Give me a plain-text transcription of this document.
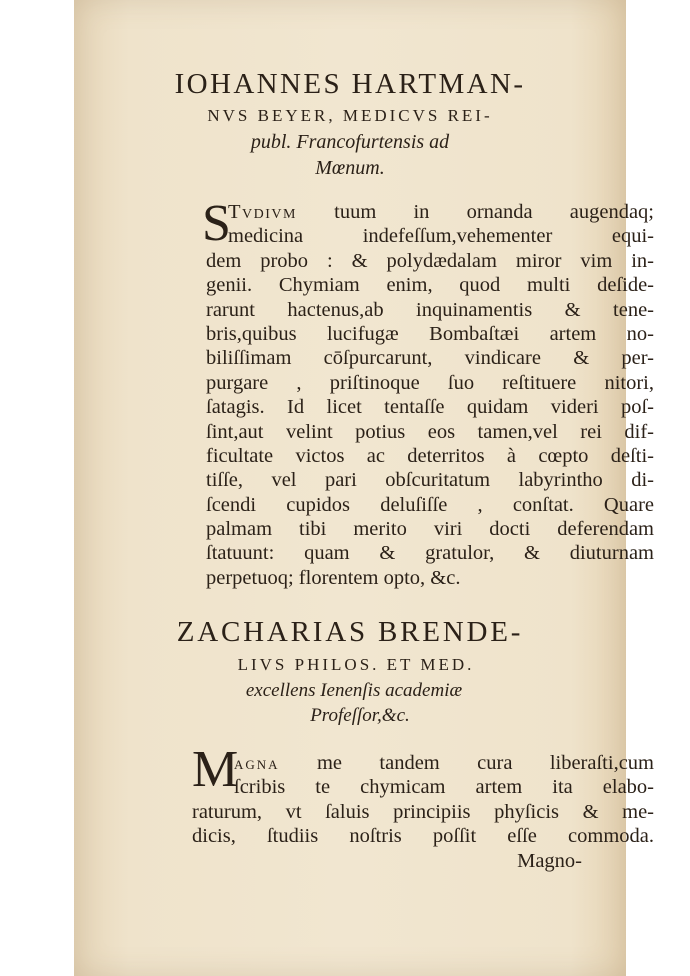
IOHANNES HARTMAN-
NVS BEYER, MEDICVS REI-
publ. Francofurtensis ad
Mœnum.
S
Tvdivm tuum in ornanda augendaq;
medicina indefeſſum,vehementer equi-
dem probo : & polydædalam miror vim in-
genii. Chymiam enim, quod multi deſide-
rarunt hactenus,ab inquinamentis & tene-
bris,quibus lucifugæ Bombaſtæi artem no-
biliſſimam cōſpurcarunt, vindicare & per-
purgare , priſtinoque ſuo reſtituere nitori,
ſatagis. Id licet tentaſſe quidam videri poſ-
ſint,aut velint potius eos tamen,vel rei dif-
ficultate victos ac deterritos à cœpto deſti-
tiſſe, vel pari obſcuritatum labyrintho di-
ſcendi cupidos deluſiſſe , conſtat. Quare
palmam tibi merito viri docti deferendam
ſtatuunt: quam & gratulor, & diuturnam
perpetuoq; florentem opto, &c.
ZACHARIAS BRENDE-
LIVS PHILOS. ET MED.
excellens Ienenſis academiæ
Profeſſor,&c.
M
agna me tandem cura liberaſti,cum
ſcribis te chymicam artem ita elabo-
raturum, vt ſaluis principiis phyſicis & me-
dicis, ſtudiis noſtris poſſit eſſe commoda.
Magno-
